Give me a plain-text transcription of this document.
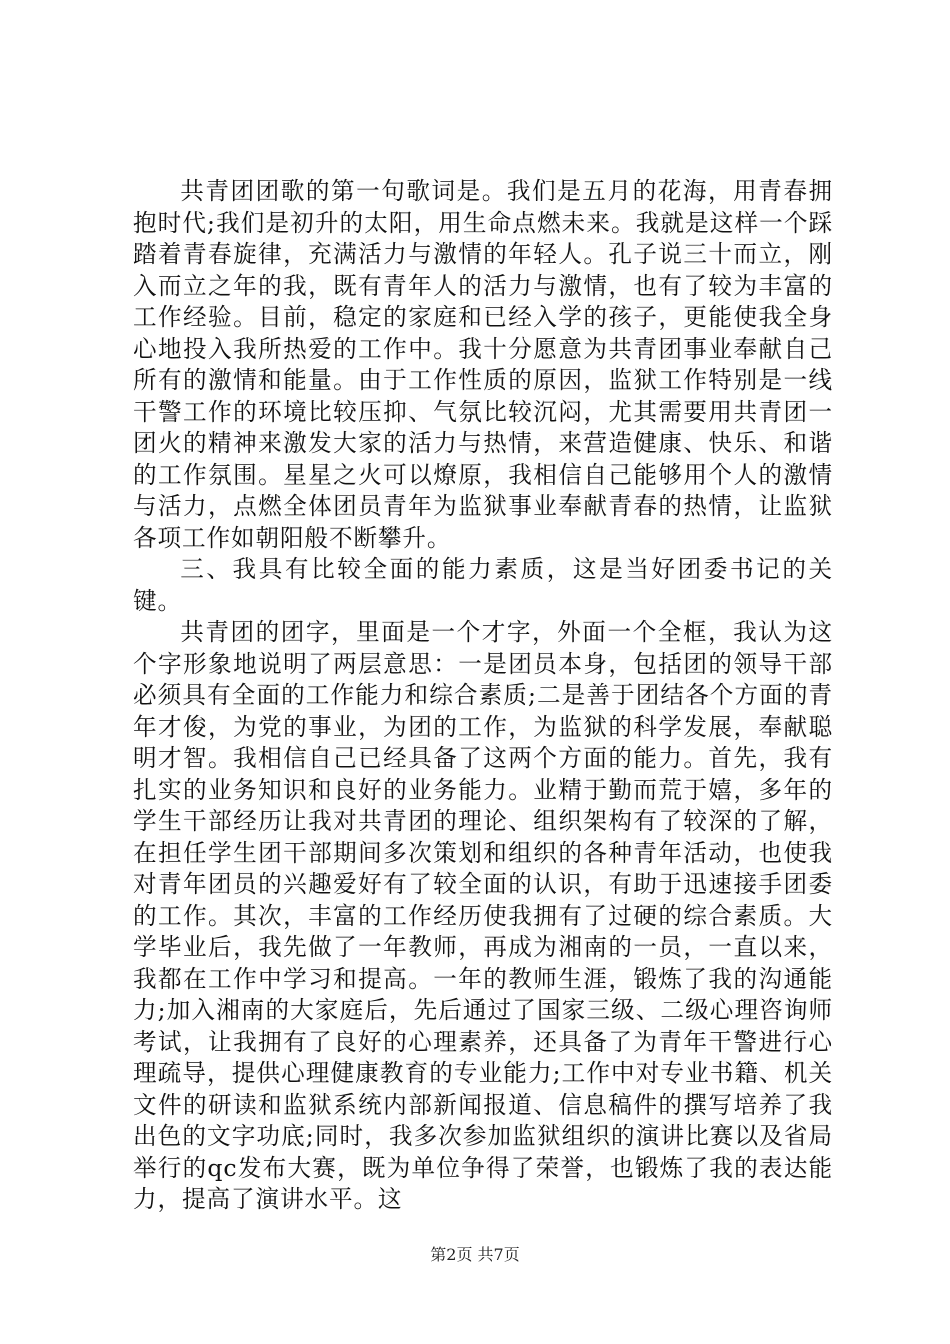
共青团团歌的第一句歌词是。我们是五月的花海，用青春拥抱时代;我们是初升的太阳，用生命点燃未来。我就是这样一个踩踏着青春旋律，充满活力与激情的年轻人。孔子说三十而立，刚入而立之年的我，既有青年人的活力与激情，也有了较为丰富的工作经验。目前，稳定的家庭和已经入学的孩子，更能使我全身心地投入我所热爱的工作中。我十分愿意为共青团事业奉献自己所有的激情和能量。由于工作性质的原因，监狱工作特别是一线干警工作的环境比较压抑、气氛比较沉闷，尤其需要用共青团一团火的精神来激发大家的活力与热情，来营造健康、快乐、和谐的工作氛围。星星之火可以燎原，我相信自己能够用个人的激情与活力，点燃全体团员青年为监狱事业奉献青春的热情，让监狱各项工作如朝阳般不断攀升。

三、我具有比较全面的能力素质，这是当好团委书记的关键。

共青团的团字，里面是一个才字，外面一个全框，我认为这个字形象地说明了两层意思：一是团员本身，包括团的领导干部必须具有全面的工作能力和综合素质;二是善于团结各个方面的青年才俊，为党的事业，为团的工作，为监狱的科学发展，奉献聪明才智。我相信自己已经具备了这两个方面的能力。首先，我有扎实的业务知识和良好的业务能力。业精于勤而荒于嬉，多年的学生干部经历让我对共青团的理论、组织架构有了较深的了解，在担任学生团干部期间多次策划和组织的各种青年活动，也使我对青年团员的兴趣爱好有了较全面的认识，有助于迅速接手团委的工作。其次，丰富的工作经历使我拥有了过硬的综合素质。大学毕业后，我先做了一年教师，再成为湘南的一员，一直以来，我都在工作中学习和提高。一年的教师生涯，锻炼了我的沟通能力;加入湘南的大家庭后，先后通过了国家三级、二级心理咨询师考试，让我拥有了良好的心理素养，还具备了为青年干警进行心理疏导，提供心理健康教育的专业能力;工作中对专业书籍、机关文件的研读和监狱系统内部新闻报道、信息稿件的撰写培养了我出色的文字功底;同时，我多次参加监狱组织的演讲比赛以及省局举行的qc发布大赛，既为单位争得了荣誉，也锻炼了我的表达能力，提高了演讲水平。这

第2页 共7页
